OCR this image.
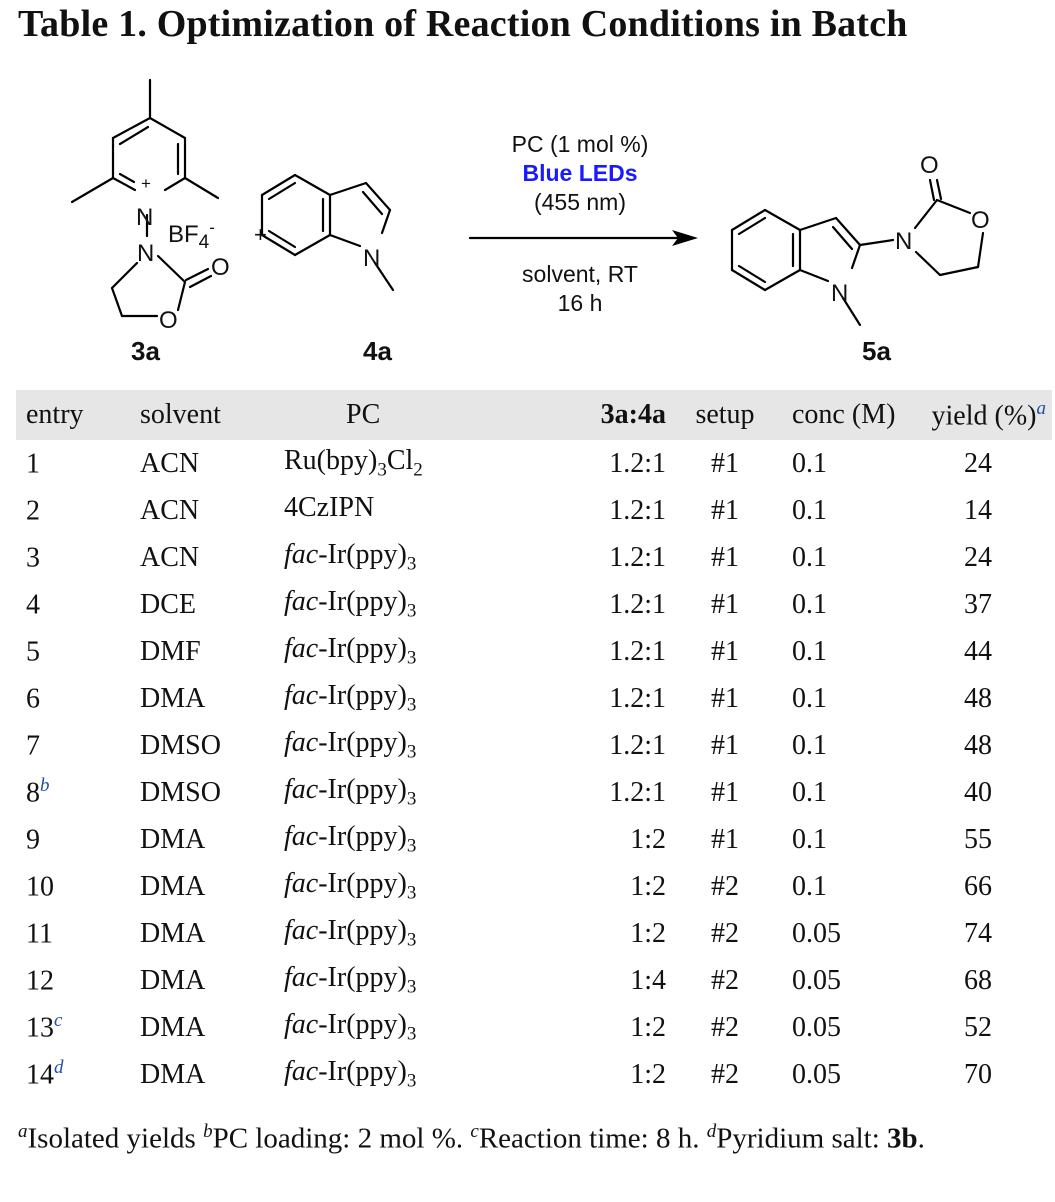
Table 1. Optimization of Reaction Conditions in Batch
N
+
$BF_4^-$
N
O
O
+
N
PC (1 mol %)
Blue LEDs
(455 nm)
solvent, RT
16 h	N
N
O
O
3a	4a	5a
entry	solvent	PC	3a:4a	setup	conc (M)	yield (%)$^a$
1	ACN	$Ru(bpy)_3Cl_2$	1.2:1	#1	0.1	24
2	ACN	4CzIPN	1.2:1	#1	0.1	14
3	ACN	fac-$Ir(ppy)_3$	1.2:1	#1	0.1	24
4	DCE	fac-$Ir(ppy)_3$	1.2:1	#1	0.1	37
5	DMF	fac-$Ir(ppy)_3$	1.2:1	#1	0.1	44
6	DMA	fac-$Ir(ppy)_3$	1.2:1	#1	0.1	48
7	DMSO	fac-$Ir(ppy)_3$	1.2:1	#1	0.1	48
8$^b$	DMSO	fac-$Ir(ppy)_3$	1.2:1	#1	0.1	40
9	DMA	fac-$Ir(ppy)_3$	1:2	#1	0.1	55
10	DMA	fac-$Ir(ppy)_3$	1:2	#2	0.1	66
11	DMA	fac-$Ir(ppy)_3$	1:2	#2	0.05	74
12	DMA	fac-$Ir(ppy)_3$	1:4	#2	0.05	68
13$^c$	DMA	fac-$Ir(ppy)_3$	1:2	#2	0.05	52
14$^d$	DMA	fac-$Ir(ppy)_3$	1:2	#2	0.05	70
$^a$Isolated yields $^b$PC loading: 2 mol %. $^c$Reaction time: 8 h. $^d$Pyridium salt: 3b.
